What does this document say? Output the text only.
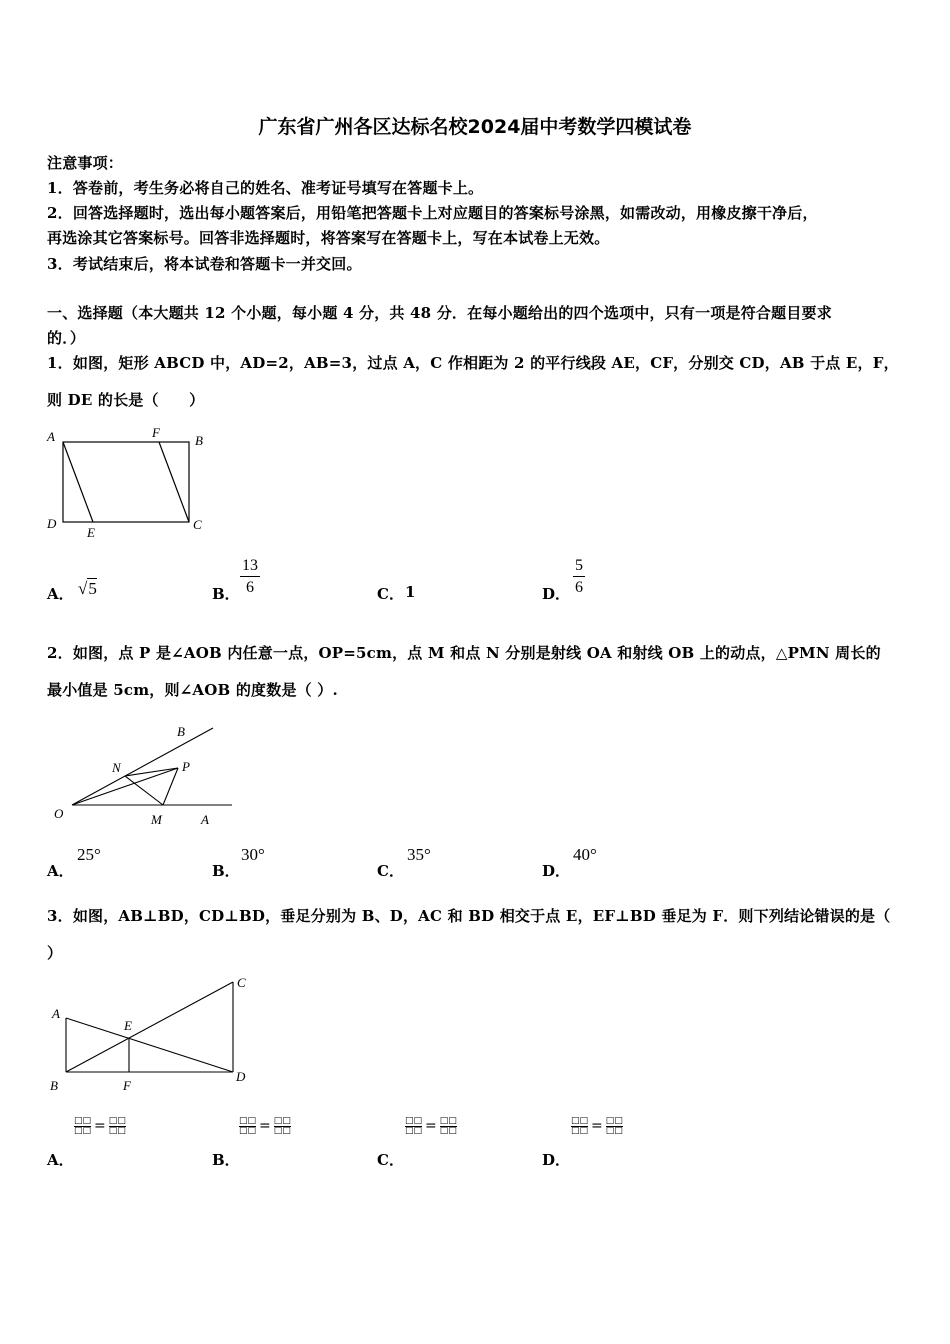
广东省广州各区达标名校2024届中考数学四模试卷
注意事项：
1．答卷前，考生务必将自己的姓名、准考证号填写在答题卡上。
2．回答选择题时，选出每小题答案后，用铅笔把答题卡上对应题目的答案标号涂黑，如需改动，用橡皮擦干净后，
再选涂其它答案标号。回答非选择题时，将答案写在答题卡上，写在本试卷上无效。
3．考试结束后，将本试卷和答题卡一并交回。
一、选择题（本大题共 12 个小题，每小题 4 分，共 48 分．在每小题给出的四个选项中，只有一项是符合题目要求
的．）
1．如图，矩形 ABCD 中，AD=2，AB=3，过点 A，C 作相距为 2 的平行线段 AE，CF，分别交 CD，AB 于点 E，F，
则 DE 的长是（　　）
A	F
B
D
E
C
A． √5	B． $\frac{13}{6}$	C． 1	D． $\frac{5}{6}$
2．如图，点 P 是∠AOB 内任意一点，OP=5cm，点 M 和点 N 分别是射线 OA 和射线 OB 上的动点，△PMN 周长的
最小值是 5cm，则∠AOB 的度数是（ ）.
O
B
N	P
M	A
A．
25°
B．
30°
C．
35°
D．
40°
3．如图，AB⊥BD，CD⊥BD，垂足分别为 B、D，AC 和 BD 相交于点 E，EF⊥BD 垂足为 F．则下列结论错误的是（
）
A
E
C
B	F
D
□□
□□ = □□
□□
A．
□□
□□ = □□
□□
B．
□□
□□ = □□
□□
C．
□□
□□ = □□
□□
D．
